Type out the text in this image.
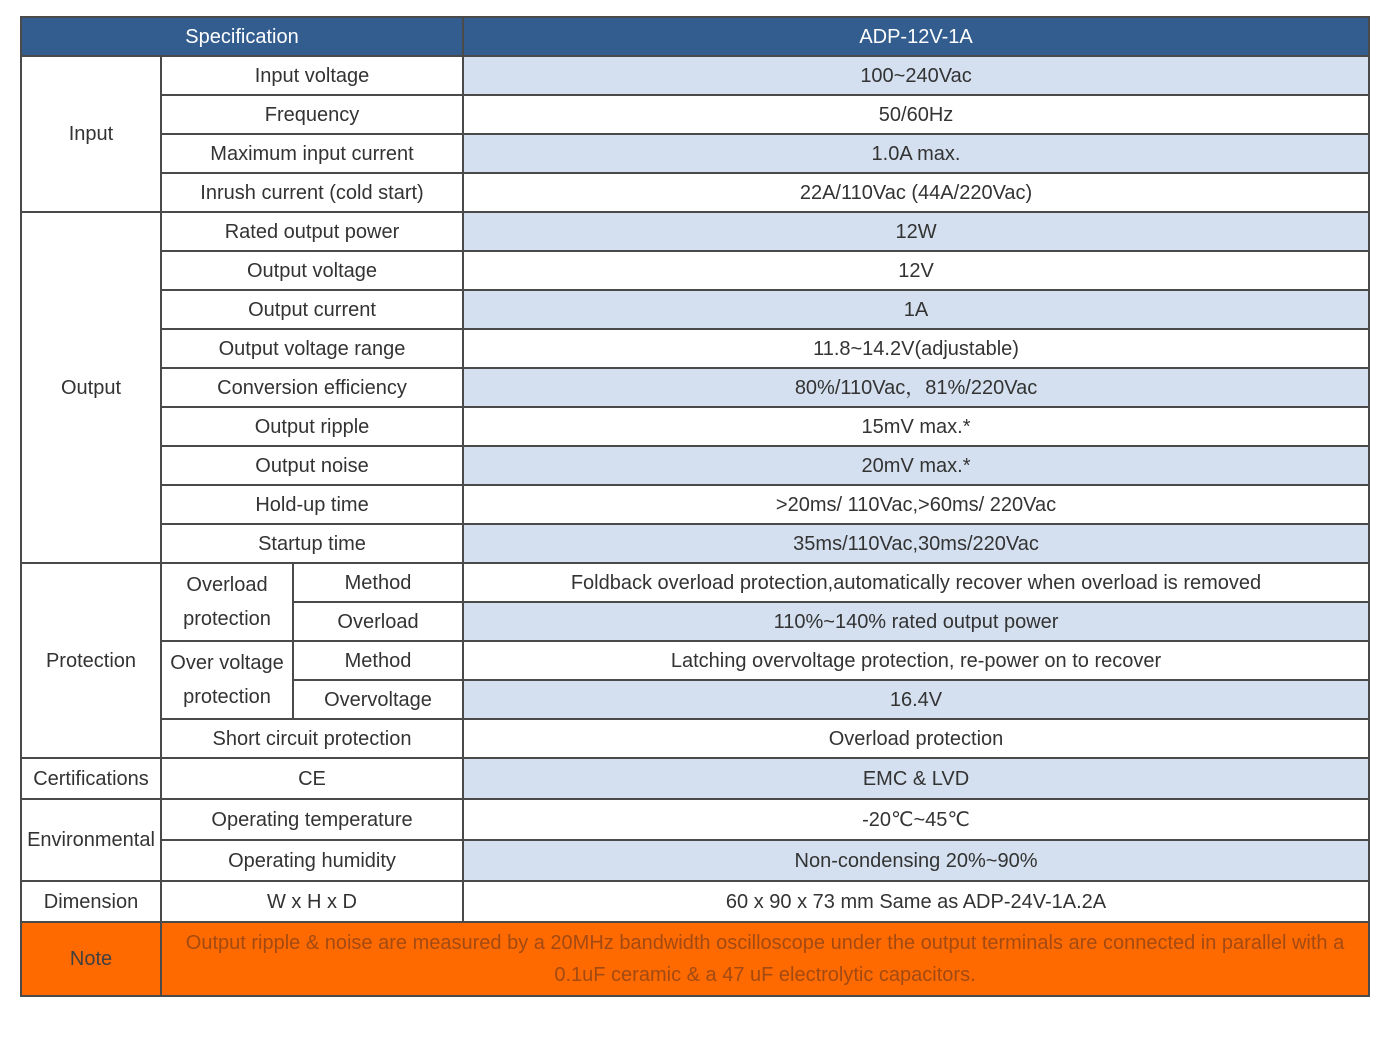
Specification			ADP-12V-1A
Input	Input voltage		100~240Vac
	Frequency		50/60Hz
	Maximum input current		1.0A max.
	Inrush current (cold start)		22A/110Vac (44A/220Vac)
Output	Rated output power		12W
	Output voltage		12V
	Output current		1A
	Output voltage range		11.8~14.2V(adjustable)
	Conversion efficiency		80%/110Vac，81%/220Vac
	Output ripple		15mV max.*
	Output noise		20mV max.*
	Hold-up time		>20ms/ 110Vac,>60ms/ 220Vac
	Startup time		35ms/110Vac,30ms/220Vac
Protection	Overload protection	Method	Foldback overload protection,automatically recover when overload is removed
		Overload	110%~140% rated output power
	Over voltage protection	Method	Latching overvoltage protection, re-power on to recover
		Overvoltage	16.4V
	Short circuit protection		Overload protection
Certifications	CE		EMC & LVD
Environmental	Operating temperature		-20℃~45℃
	Operating humidity		Non-condensing 20%~90%
Dimension	W x H x D		60 x 90 x 73 mm Same as ADP-24V-1A.2A
Note	Output ripple & noise are measured by a 20MHz bandwidth oscilloscope under the output terminals are connected in parallel with a 0.1uF ceramic & a 47 uF electrolytic capacitors.		
